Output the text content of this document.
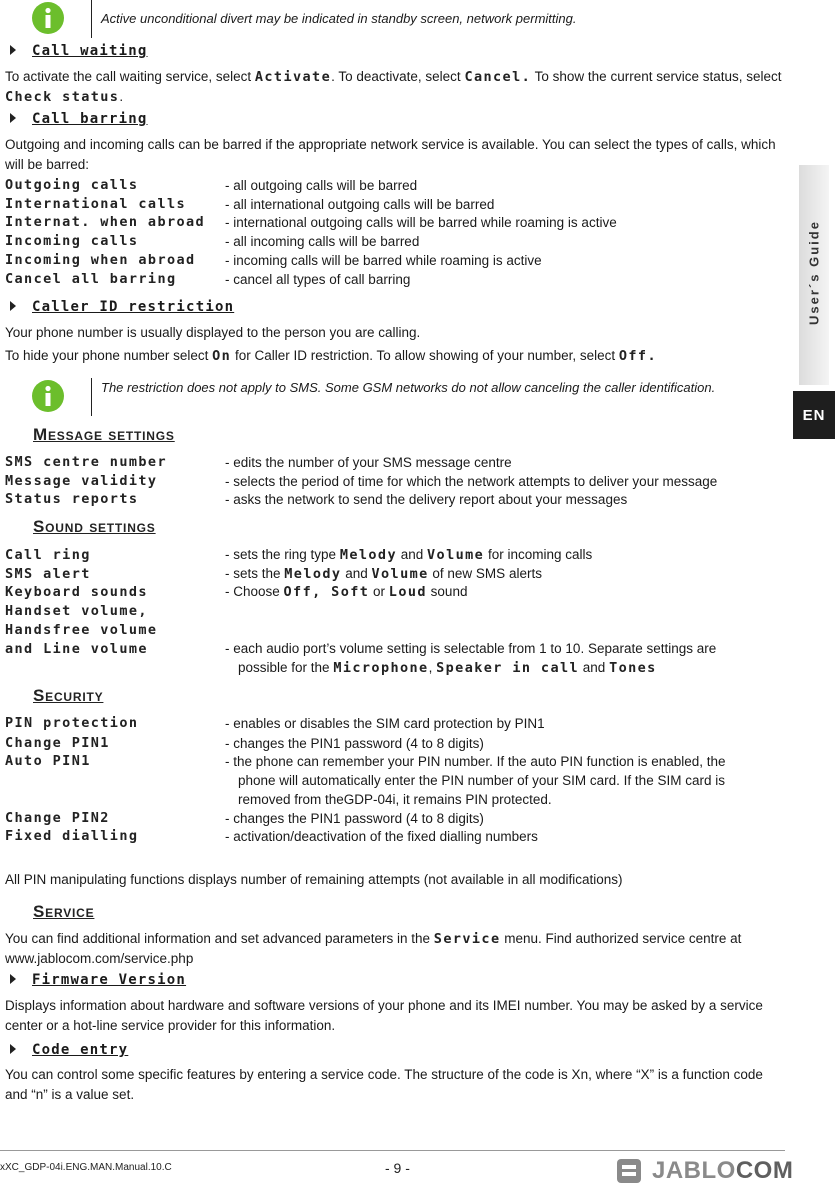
Active unconditional divert may be indicated in standby screen, network permitting.
Call waiting
To activate the call waiting service, select Activate. To deactivate, select Cancel. To show the current service status, select Check status.
Call barring
Outgoing and incoming calls can be barred if the appropriate network service is available. You can select the types of calls, which will be barred:
Outgoing calls	- all outgoing calls will be barred
International calls	- all international outgoing calls will be barred
Internat. when abroad - international outgoing calls will be barred while roaming is active
Incoming calls	- all incoming calls will be barred
Incoming when abroad - incoming calls will be barred while roaming is active
Cancel all barring	- cancel all types of call barring
Caller ID restriction
Your phone number is usually displayed to the person you are calling.
To hide your phone number select On for Caller ID restriction. To allow showing of your number, select Off.
The restriction does not apply to SMS. Some GSM networks do not allow canceling the caller identification.
Message settings
SMS centre number	- edits the number of your SMS message centre
Message validity	- selects the period of time for which the network attempts to deliver your message
Status reports	- asks the network to send the delivery report about your messages
Sound settings
Call ring	- sets the ring type Melody and Volume for incoming calls
SMS alert	- sets the Melody and Volume of new SMS alerts
Keyboard sounds	- Choose Off, Soft or Loud sound
Handset volume,
Handsfree volume
and Line volume	- each audio port’s volume setting is selectable from 1 to 10. Separate settings are
possible for the Microphone, Speaker in call and Tones
Security
PIN protection	- enables or disables the SIM card protection by PIN1
Change PIN1	- changes the PIN1 password (4 to 8 digits)
Auto PIN1	- the phone can remember your PIN number. If the auto PIN function is enabled, the
phone will automatically enter the PIN number of your SIM card. If the SIM card is
removed from theGDP-04i, it remains PIN protected.
Change PIN2	- changes the PIN1 password (4 to 8 digits)
Fixed dialling	- activation/deactivation of the fixed dialling numbers
All PIN manipulating functions displays number of remaining attempts (not available in all modifications)
Service
You can find additional information and set advanced parameters in the Service menu. Find authorized service centre at www.jablocom.com/service.php
Firmware Version
Displays information about hardware and software versions of your phone and its IMEI number. You may be asked by a service center or a hot-line service provider for this information.
Code entry
You can control some specific features by entering a service code. The structure of the code is Xn, where “X” is a function code and “n” is a value set.
User´s Guide
EN
xXC_GDP-04i.ENG.MAN.Manual.10.C	- 9 -	JABLOCOM
